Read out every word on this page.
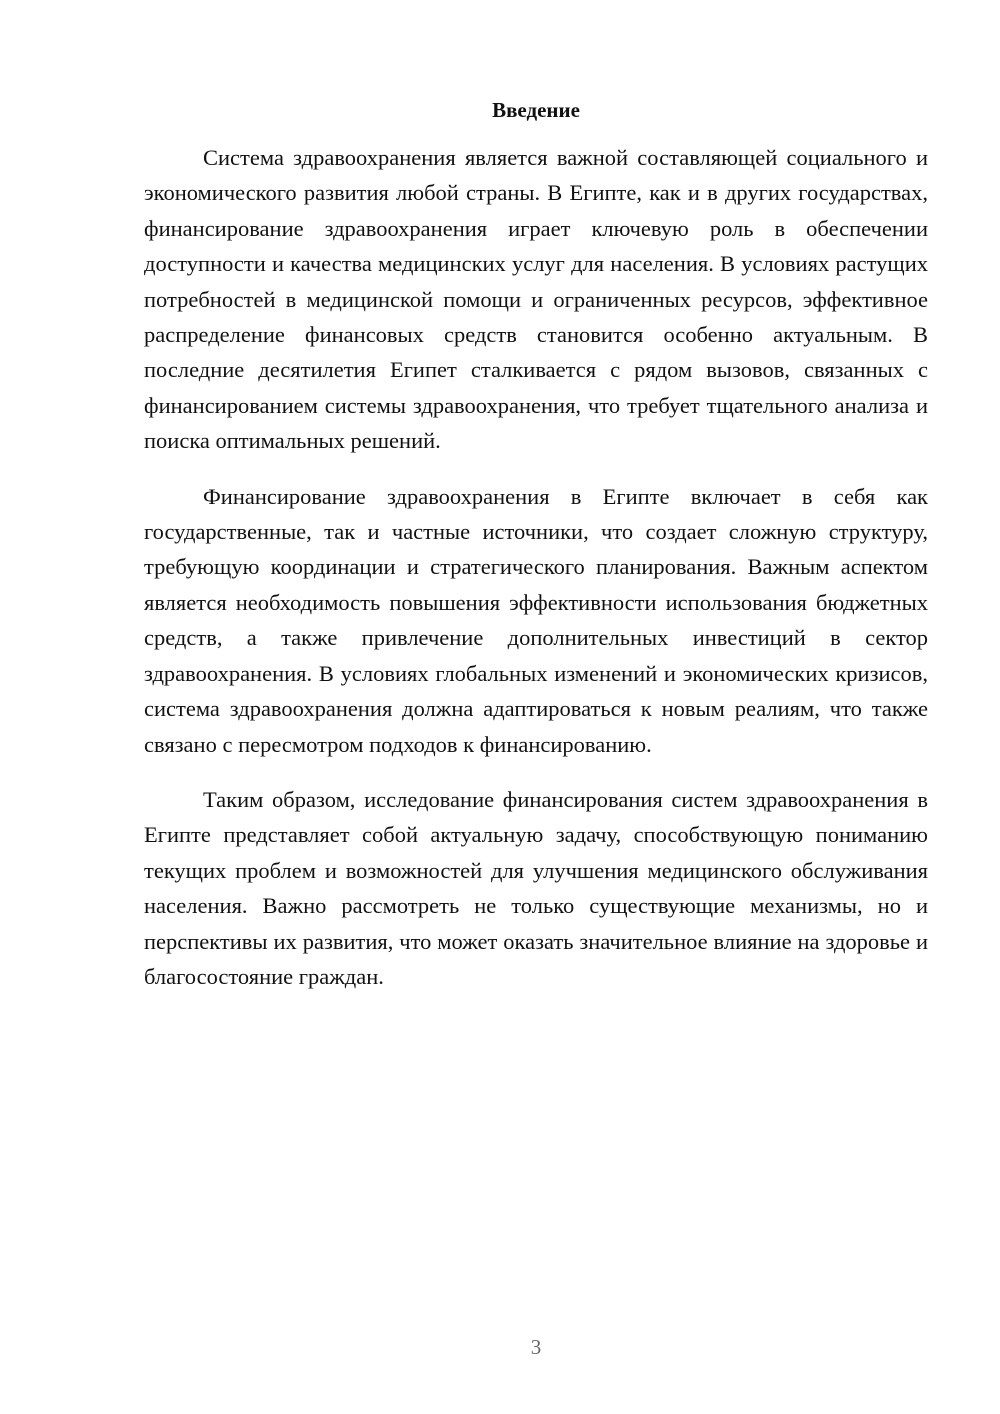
Введение

Система здравоохранения является важной составляющей социального и экономического развития любой страны. В Египте, как и в других государствах, финансирование здравоохранения играет ключевую роль в обеспечении доступности и качества медицинских услуг для населения. В условиях растущих потребностей в медицинской помощи и ограниченных ресурсов, эффективное распределение финансовых средств становится особенно актуальным. В последние десятилетия Египет сталкивается с рядом вызовов, связанных с финансированием системы здравоохранения, что требует тщательного анализа и поиска оптимальных решений.

Финансирование здравоохранения в Египте включает в себя как государственные, так и частные источники, что создает сложную структуру, требующую координации и стратегического планирования. Важным аспектом является необходимость повышения эффективности использования бюджетных средств, а также привлечение дополнительных инвестиций в сектор здравоохранения. В условиях глобальных изменений и экономических кризисов, система здравоохранения должна адаптироваться к новым реалиям, что также связано с пересмотром подходов к финансированию.

Таким образом, исследование финансирования систем здравоохранения в Египте представляет собой актуальную задачу, способствующую пониманию текущих проблем и возможностей для улучшения медицинского обслуживания населения. Важно рассмотреть не только существующие механизмы, но и перспективы их развития, что может оказать значительное влияние на здоровье и благосостояние граждан.

3
